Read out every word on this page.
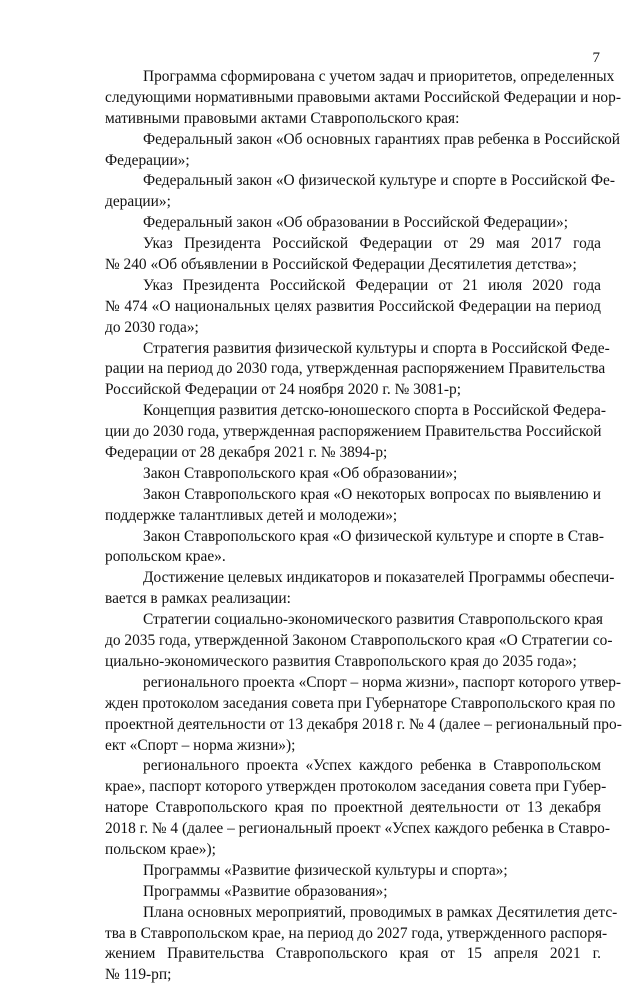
7
Программа сформирована с учетом задач и приоритетов, определенных
следующими нормативными правовыми актами Российской Федерации и нор-
мативными правовыми актами Ставропольского края:
Федеральный закон «Об основных гарантиях прав ребенка в Российской
Федерации»;
Федеральный закон «О физической культуре и спорте в Российской Фе-
дерации»;
Федеральный закон «Об образовании в Российской Федерации»;
Указ Президента Российской Федерации от 29 мая 2017 года
№ 240 «Об объявлении в Российской Федерации Десятилетия детства»;
Указ Президента Российской Федерации от 21 июля 2020 года
№ 474 «О национальных целях развития Российской Федерации на период
до 2030 года»;
Стратегия развития физической культуры и спорта в Российской Феде-
рации на период до 2030 года, утвержденная распоряжением Правительства
Российской Федерации от 24 ноября 2020 г. № 3081-р;
Концепция развития детско-юношеского спорта в Российской Федера-
ции до 2030 года, утвержденная распоряжением Правительства Российской
Федерации от 28 декабря 2021 г. № 3894-р;
Закон Ставропольского края «Об образовании»;
Закон Ставропольского края «О некоторых вопросах по выявлению и
поддержке талантливых детей и молодежи»;
Закон Ставропольского края «О физической культуре и спорте в Став-
ропольском крае».
Достижение целевых индикаторов и показателей Программы обеспечи-
вается в рамках реализации:
Стратегии социально-экономического развития Ставропольского края
до 2035 года, утвержденной Законом Ставропольского края «О Стратегии со-
циально-экономического развития Ставропольского края до 2035 года»;
регионального проекта «Спорт – норма жизни», паспорт которого утвер-
жден протоколом заседания совета при Губернаторе Ставропольского края по
проектной деятельности от 13 декабря 2018 г. № 4 (далее – региональный про-
ект «Спорт – норма жизни»);
регионального проекта «Успех каждого ребенка в Ставропольском
крае», паспорт которого утвержден протоколом заседания совета при Губер-
наторе Ставропольского края по проектной деятельности от 13 декабря
2018 г. № 4 (далее – региональный проект «Успех каждого ребенка в Ставро-
польском крае»);
Программы «Развитие физической культуры и спорта»;
Программы «Развитие образования»;
Плана основных мероприятий, проводимых в рамках Десятилетия детс-
тва в Ставропольском крае, на период до 2027 года, утвержденного распоря-
жением Правительства Ставропольского края от 15 апреля 2021 г.
№ 119-рп;
